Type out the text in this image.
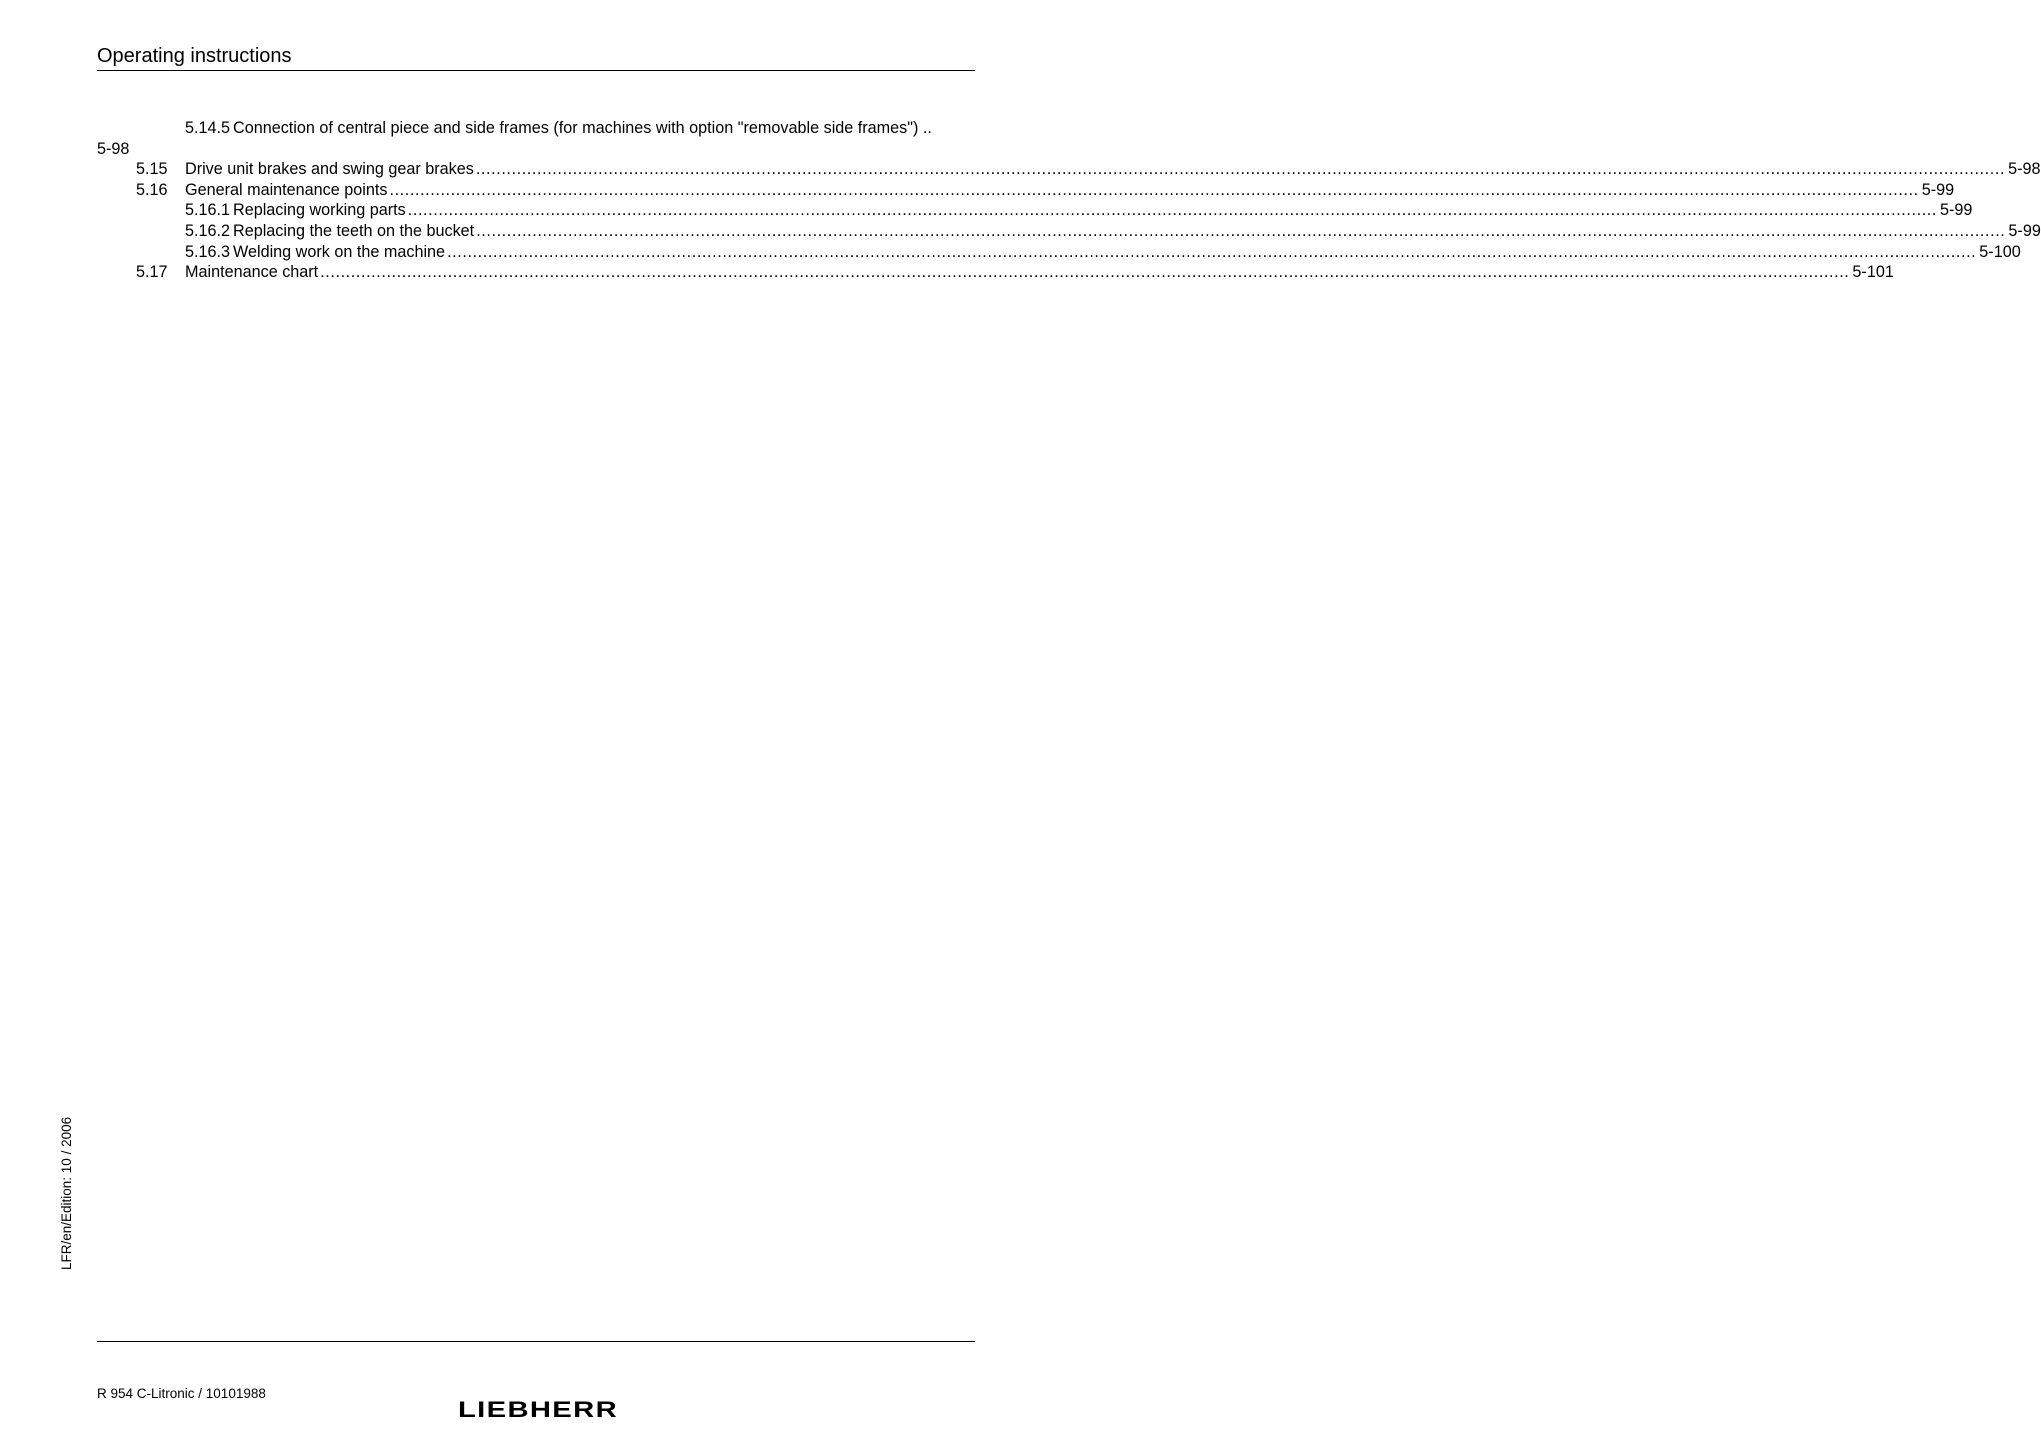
Operating instructions
5.14.5 Connection of central piece and side frames (for machines with option "removable side frames") ..
5-98
5.15 Drive unit brakes and swing gear brakes ............................................................................................................................................................................................................................................................................................................ 5-98
5.16 General maintenance points ............................................................................................................................................................................................................................................................................................................ 5-99
5.16.1 Replacing working parts ............................................................................................................................................................................................................................................................................................................ 5-99
5.16.2 Replacing the teeth on the bucket ............................................................................................................................................................................................................................................................................................................ 5-99
5.16.3 Welding work on the machine ............................................................................................................................................................................................................................................................................................................ 5-100
5.17 Maintenance chart ............................................................................................................................................................................................................................................................................................................ 5-101
LFR/en/Edition: 10 / 2006
R 954 C-Litronic / 10101988
LIEBHERR
